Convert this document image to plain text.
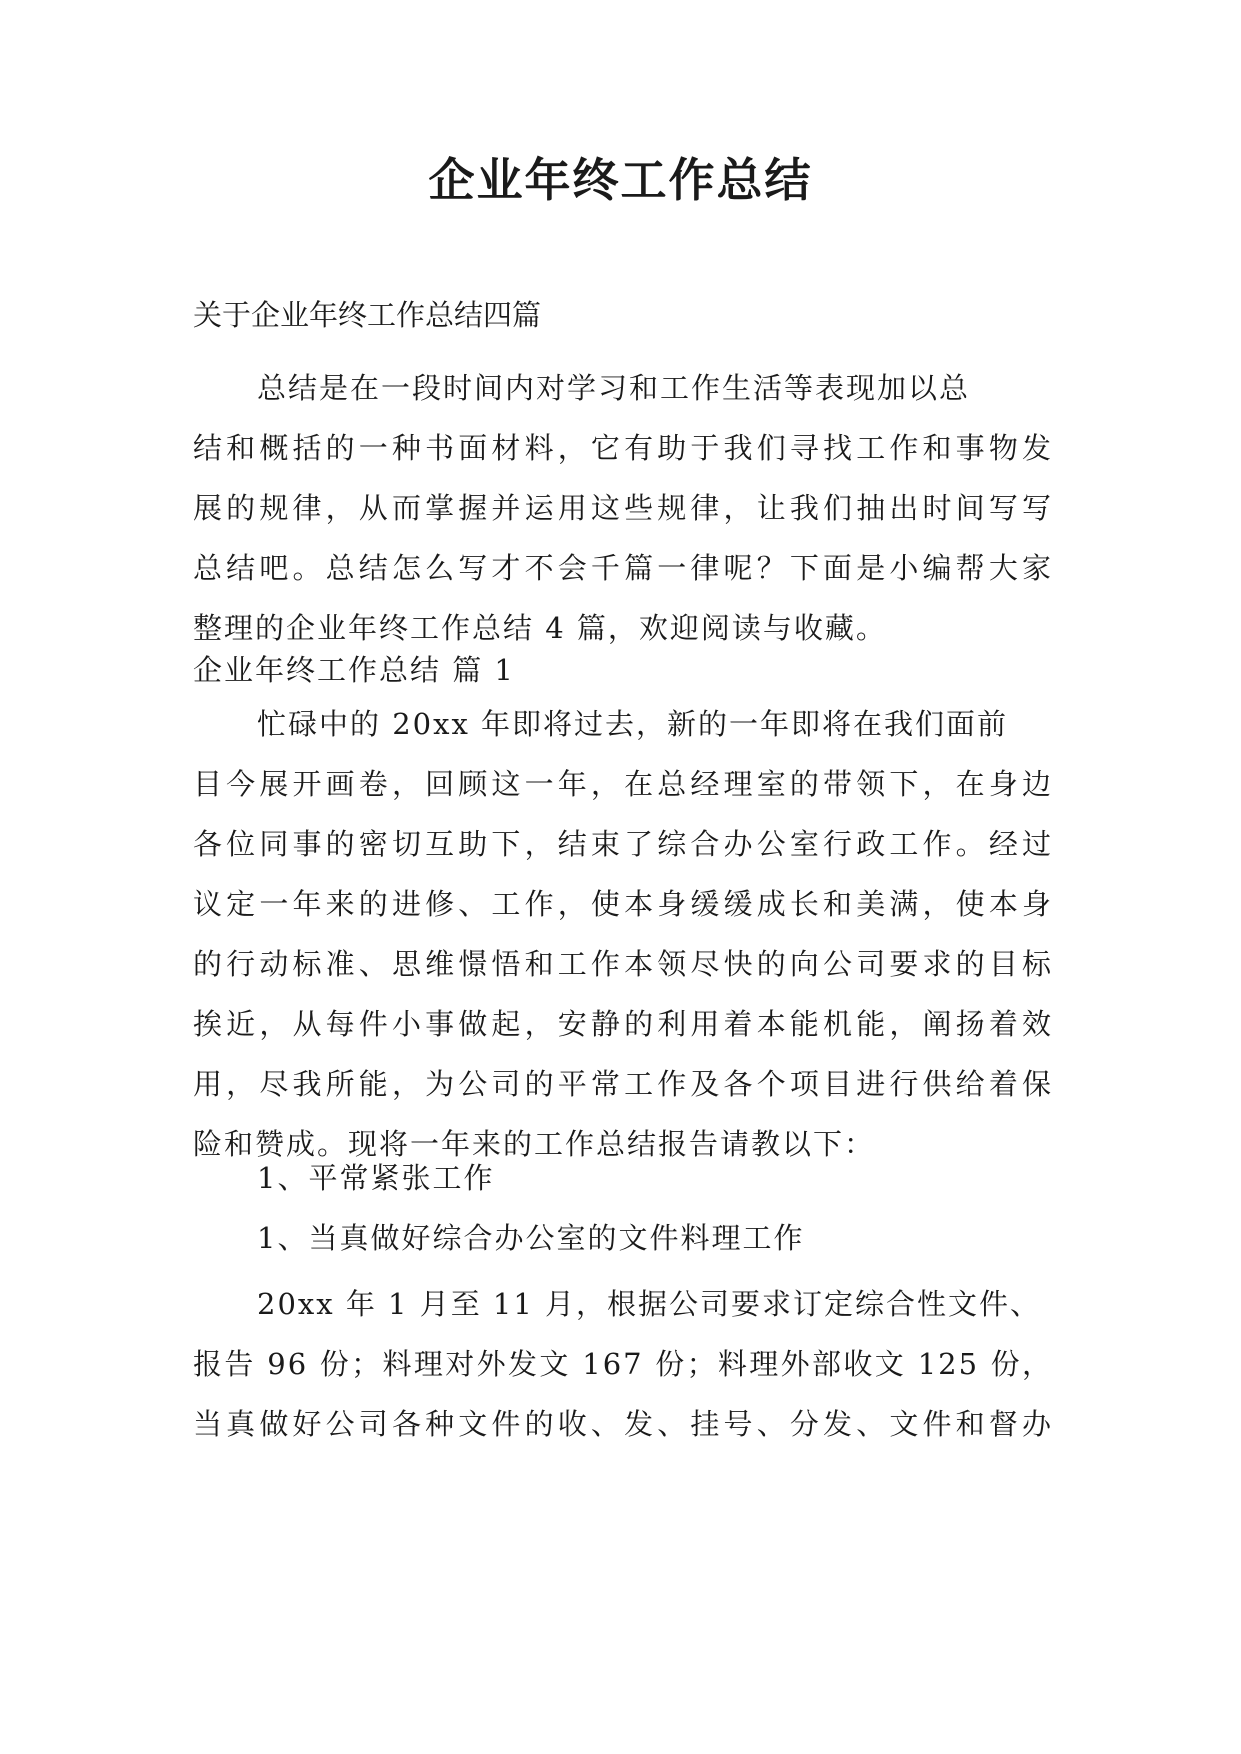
企业年终工作总结

关于企业年终工作总结四篇

总结是在一段时间内对学习和工作生活等表现加以总
结和概括的一种书面材料，它有助于我们寻找工作和事物发
展的规律，从而掌握并运用这些规律，让我们抽出时间写写
总结吧。总结怎么写才不会千篇一律呢？下面是小编帮大家
整理的企业年终工作总结 4 篇，欢迎阅读与收藏。
企业年终工作总结 篇 1
忙碌中的 20xx 年即将过去，新的一年即将在我们面前
目今展开画卷，回顾这一年，在总经理室的带领下，在身边
各位同事的密切互助下，结束了综合办公室行政工作。经过
议定一年来的进修、工作，使本身缓缓成长和美满，使本身
的行动标准、思维憬悟和工作本领尽快的向公司要求的目标
挨近，从每件小事做起，安静的利用着本能机能，阐扬着效
用，尽我所能，为公司的平常工作及各个项目进行供给着保
险和赞成。现将一年来的工作总结报告请教以下：
1、平常紧张工作
1、当真做好综合办公室的文件料理工作
20xx 年 1 月至 11 月，根据公司要求订定综合性文件、
报告 96 份；料理对外发文 167 份；料理外部收文 125 份，
当真做好公司各种文件的收、发、挂号、分发、文件和督办
